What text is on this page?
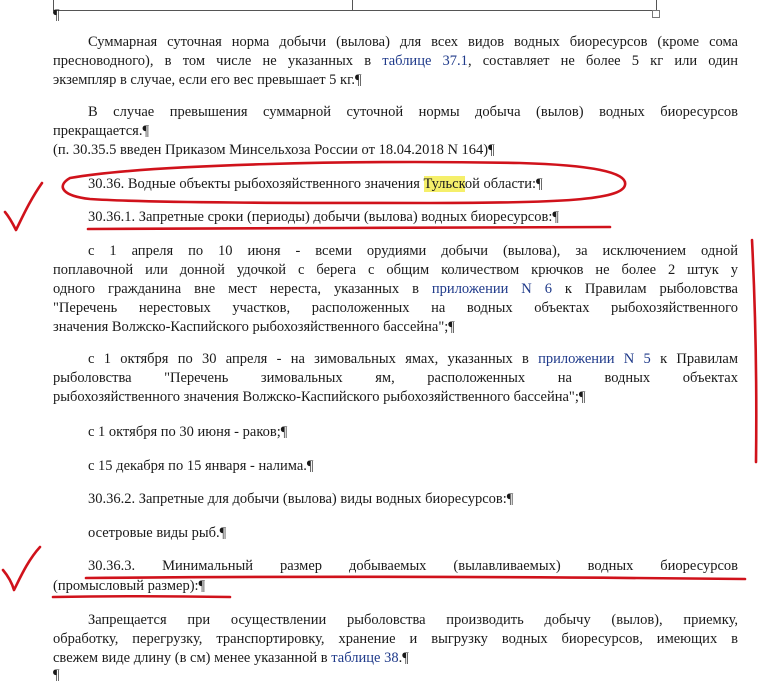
¶
Суммарная суточная норма добычи (вылова) для всех видов водных биоресурсов (кроме сома
пресноводного), в том числе не указанных в таблице 37.1, составляет не более 5 кг или один
экземпляр в случае, если его вес превышает 5 кг.¶
В случае превышения суммарной суточной нормы добыча (вылов) водных биоресурсов
прекращается.¶
(п. 30.35.5 введен Приказом Минсельхоза России от 18.04.2018 N 164)¶
30.36. Водные объекты рыбохозяйственного значения Тульской области:¶
30.36.1. Запретные сроки (периоды) добычи (вылова) водных биоресурсов:¶
с 1 апреля по 10 июня - всеми орудиями добычи (вылова), за исключением одной
поплавочной или донной удочкой с берега с общим количеством крючков не более 2 штук у
одного гражданина вне мест нереста, указанных в приложении N 6 к Правилам рыболовства
"Перечень нерестовых участков, расположенных на водных объектах рыбохозяйственного
значения Волжско-Каспийского рыбохозяйственного бассейна";¶
с 1 октября по 30 апреля - на зимовальных ямах, указанных в приложении N 5 к Правилам
рыболовства "Перечень зимовальных ям, расположенных на водных объектах
рыбохозяйственного значения Волжско-Каспийского рыбохозяйственного бассейна";¶
с 1 октября по 30 июня - раков;¶
с 15 декабря по 15 января - налима.¶
30.36.2. Запретные для добычи (вылова) виды водных биоресурсов:¶
осетровые виды рыб.¶
30.36.3. Минимальный размер добываемых (вылавливаемых) водных биоресурсов
(промысловый размер):¶
Запрещается при осуществлении рыболовства производить добычу (вылов), приемку,
обработку, перегрузку, транспортировку, хранение и выгрузку водных биоресурсов, имеющих в
свежем виде длину (в см) менее указанной в таблице 38.¶
¶
